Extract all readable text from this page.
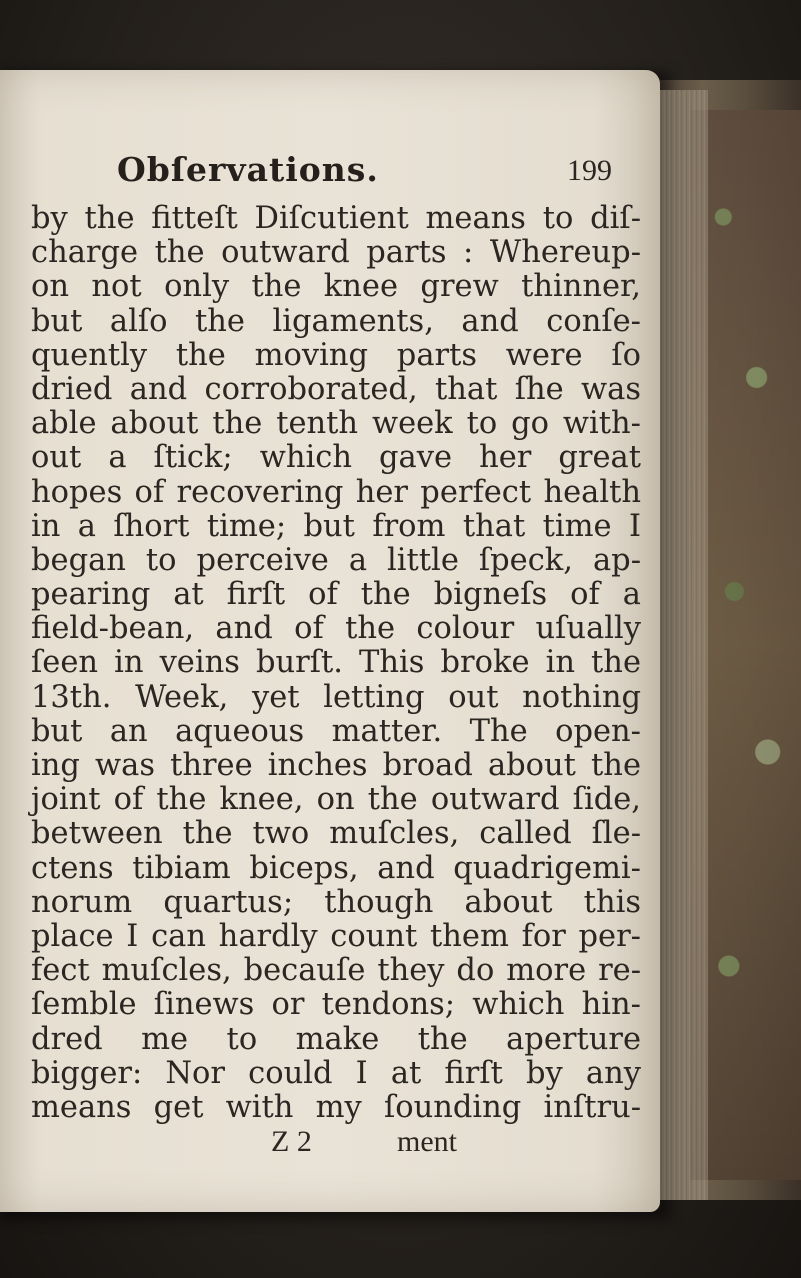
Obſervations.	199
by the fitteſt Diſcutient means to diſ-
charge the outward parts : Whereup-
on not only the knee grew thinner,
but alſo the ligaments, and conſe-
quently the moving parts were ſo
dried and corroborated, that ſhe was
able about the tenth week to go with-
out a ſtick; which gave her great
hopes of recovering her perfect health
in a ſhort time; but from that time I
began to perceive a little ſpeck, ap-
pearing at firſt of the bigneſs of a
field-bean, and of the colour uſually
ſeen in veins burſt. This broke in the
13th. Week, yet letting out nothing
but an aqueous matter. The open-
ing was three inches broad about the
joint of the knee, on the outward ſide,
between the two muſcles, called ſle-
ctens tibiam biceps, and quadrigemi-
norum quartus; though about this
place I can hardly count them for per-
fect muſcles, becauſe they do more re-
ſemble ſinews or tendons; which hin-
dred me to make the aperture
bigger: Nor could I at firſt by any
means get with my ſounding inſtru-
Z 2	ment
